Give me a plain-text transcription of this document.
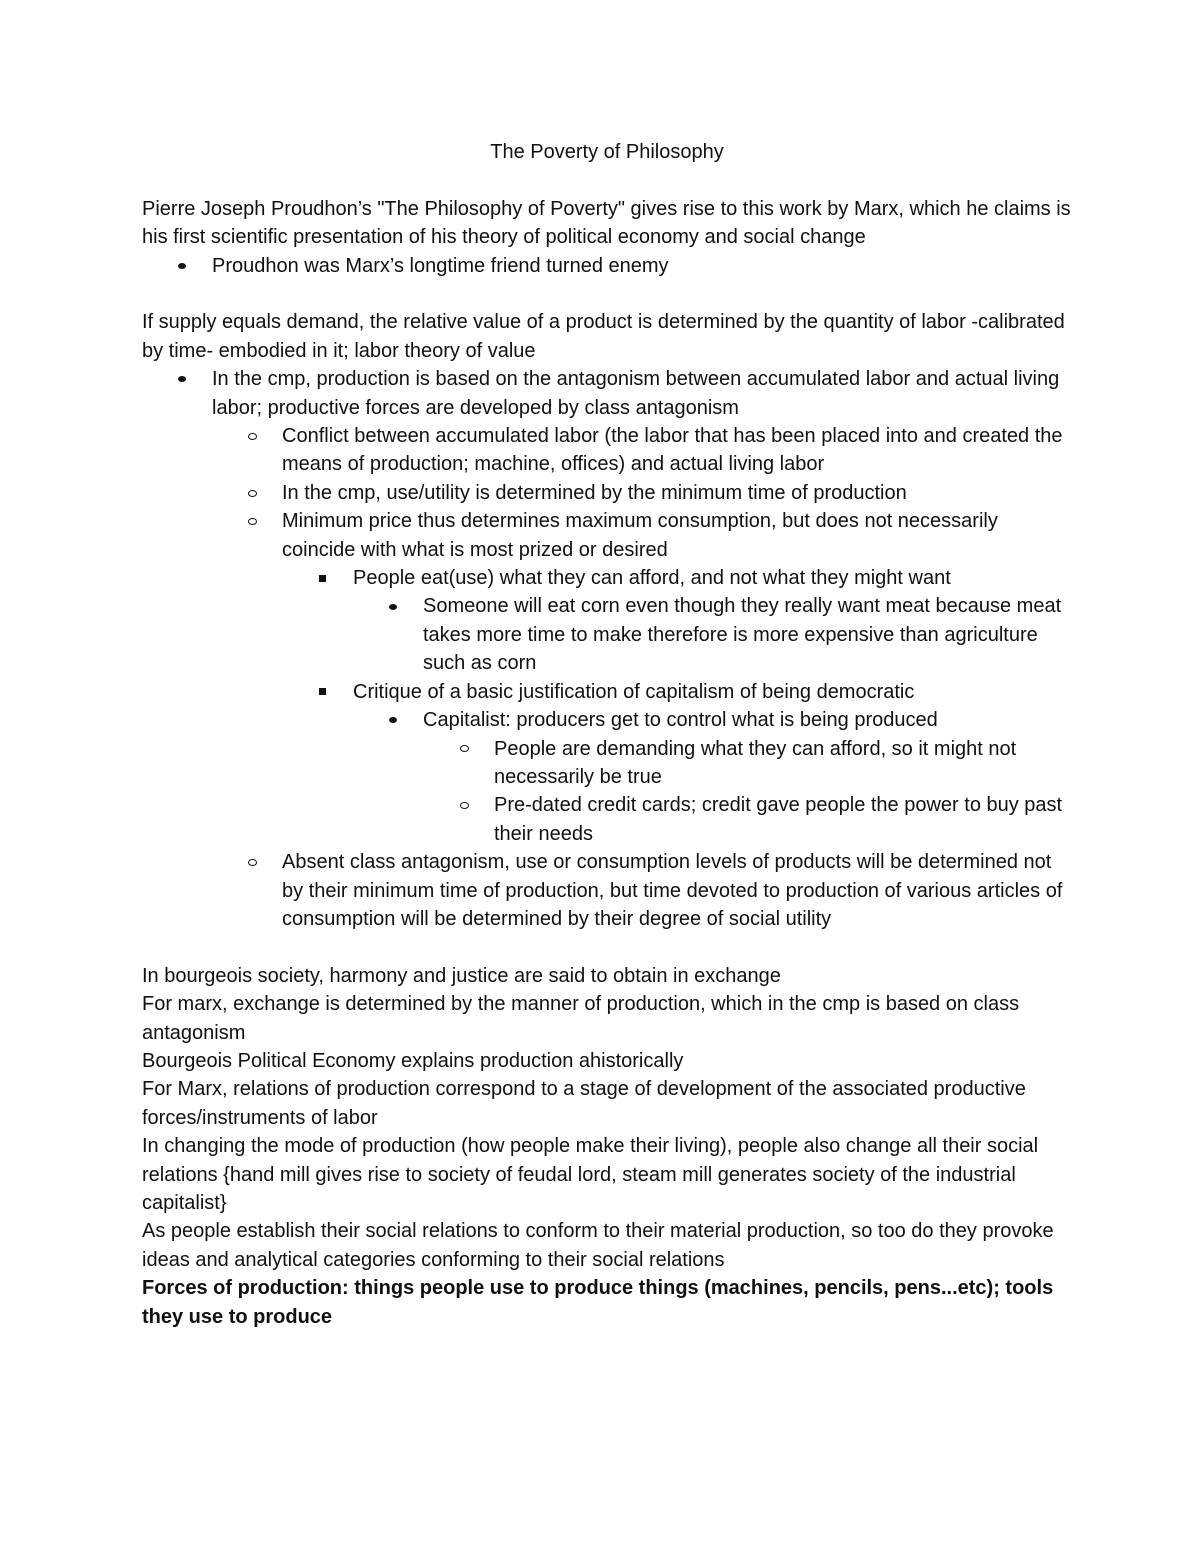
The Poverty of Philosophy

Pierre Joseph Proudhon’s "The Philosophy of Poverty" gives rise to this work by Marx, which he claims is his first scientific presentation of his theory of political economy and social change

Proudhon was Marx’s longtime friend turned enemy

If supply equals demand, the relative value of a product is determined by the quantity of labor -calibrated by time- embodied in it; labor theory of value

In the cmp, production is based on the antagonism between accumulated labor and actual living labor; productive forces are developed by class antagonism
Conflict between accumulated labor (the labor that has been placed into and created the means of production; machine, offices) and actual living labor
In the cmp, use/utility is determined by the minimum time of production
Minimum price thus determines maximum consumption, but does not necessarily coincide with what is most prized or desired
People eat(use) what they can afford, and not what they might want
Someone will eat corn even though they really want meat because meat takes more time to make therefore is more expensive than agriculture such as corn
Critique of a basic justification of capitalism of being democratic
Capitalist: producers get to control what is being produced
People are demanding what they can afford, so it might not necessarily be true
Pre-dated credit cards; credit gave people the power to buy past their needs
Absent class antagonism, use or consumption levels of products will be determined not by their minimum time of production, but time devoted to production of various articles of consumption will be determined by their degree of social utility

In bourgeois society, harmony and justice are said to obtain in exchange

For marx, exchange is determined by the manner of production, which in the cmp is based on class antagonism

Bourgeois Political Economy explains production ahistorically

For Marx, relations of production correspond to a stage of development of the associated productive forces/instruments of labor

In changing the mode of production (how people make their living), people also change all their social relations {hand mill gives rise to society of feudal lord, steam mill generates society of the industrial capitalist}

As people establish their social relations to conform to their material production, so too do they provoke ideas and analytical categories conforming to their social relations

Forces of production: things people use to produce things (machines, pencils, pens...etc); tools they use to produce
